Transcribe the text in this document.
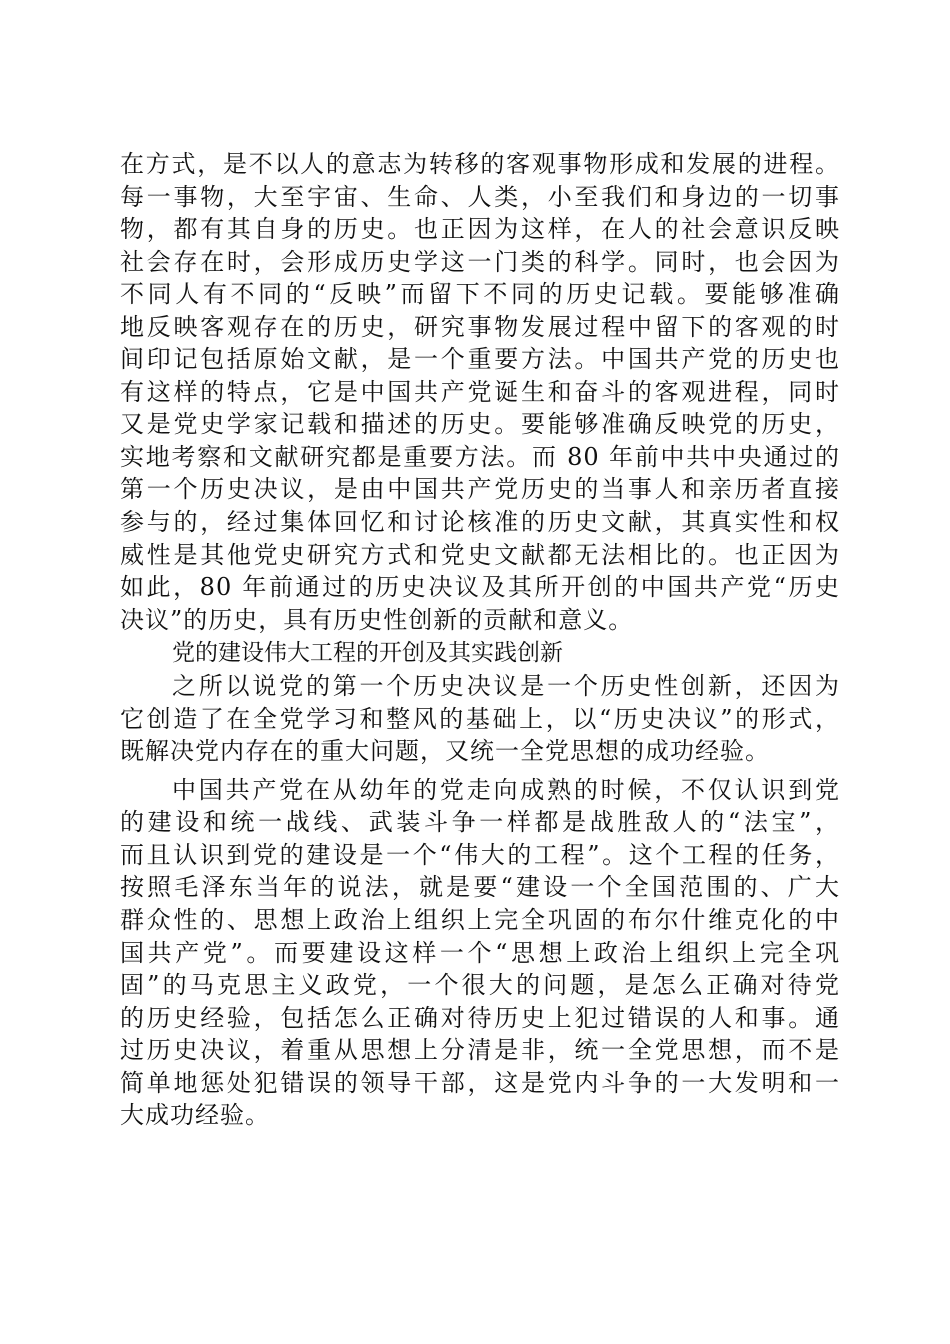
在方式，是不以人的意志为转移的客观事物形成和发展的进程。
每一事物，大至宇宙、生命、人类，小至我们和身边的一切事
物，都有其自身的历史。也正因为这样，在人的社会意识反映
社会存在时，会形成历史学这一门类的科学。同时，也会因为
不同人有不同的“反映”而留下不同的历史记载。要能够准确
地反映客观存在的历史，研究事物发展过程中留下的客观的时
间印记包括原始文献，是一个重要方法。中国共产党的历史也
有这样的特点，它是中国共产党诞生和奋斗的客观进程，同时
又是党史学家记载和描述的历史。要能够准确反映党的历史，
实地考察和文献研究都是重要方法。而 80 年前中共中央通过的
第一个历史决议，是由中国共产党历史的当事人和亲历者直接
参与的，经过集体回忆和讨论核准的历史文献，其真实性和权
威性是其他党史研究方式和党史文献都无法相比的。也正因为
如此，80 年前通过的历史决议及其所开创的中国共产党“历史
决议”的历史，具有历史性创新的贡献和意义。
党的建设伟大工程的开创及其实践创新
之所以说党的第一个历史决议是一个历史性创新，还因为
它创造了在全党学习和整风的基础上，以“历史决议”的形式，
既解决党内存在的重大问题，又统一全党思想的成功经验。
中国共产党在从幼年的党走向成熟的时候，不仅认识到党
的建设和统一战线、武装斗争一样都是战胜敌人的“法宝”，
而且认识到党的建设是一个“伟大的工程”。这个工程的任务，
按照毛泽东当年的说法，就是要“建设一个全国范围的、广大
群众性的、思想上政治上组织上完全巩固的布尔什维克化的中
国共产党”。而要建设这样一个“思想上政治上组织上完全巩
固”的马克思主义政党，一个很大的问题，是怎么正确对待党
的历史经验，包括怎么正确对待历史上犯过错误的人和事。通
过历史决议，着重从思想上分清是非，统一全党思想，而不是
简单地惩处犯错误的领导干部，这是党内斗争的一大发明和一
大成功经验。
